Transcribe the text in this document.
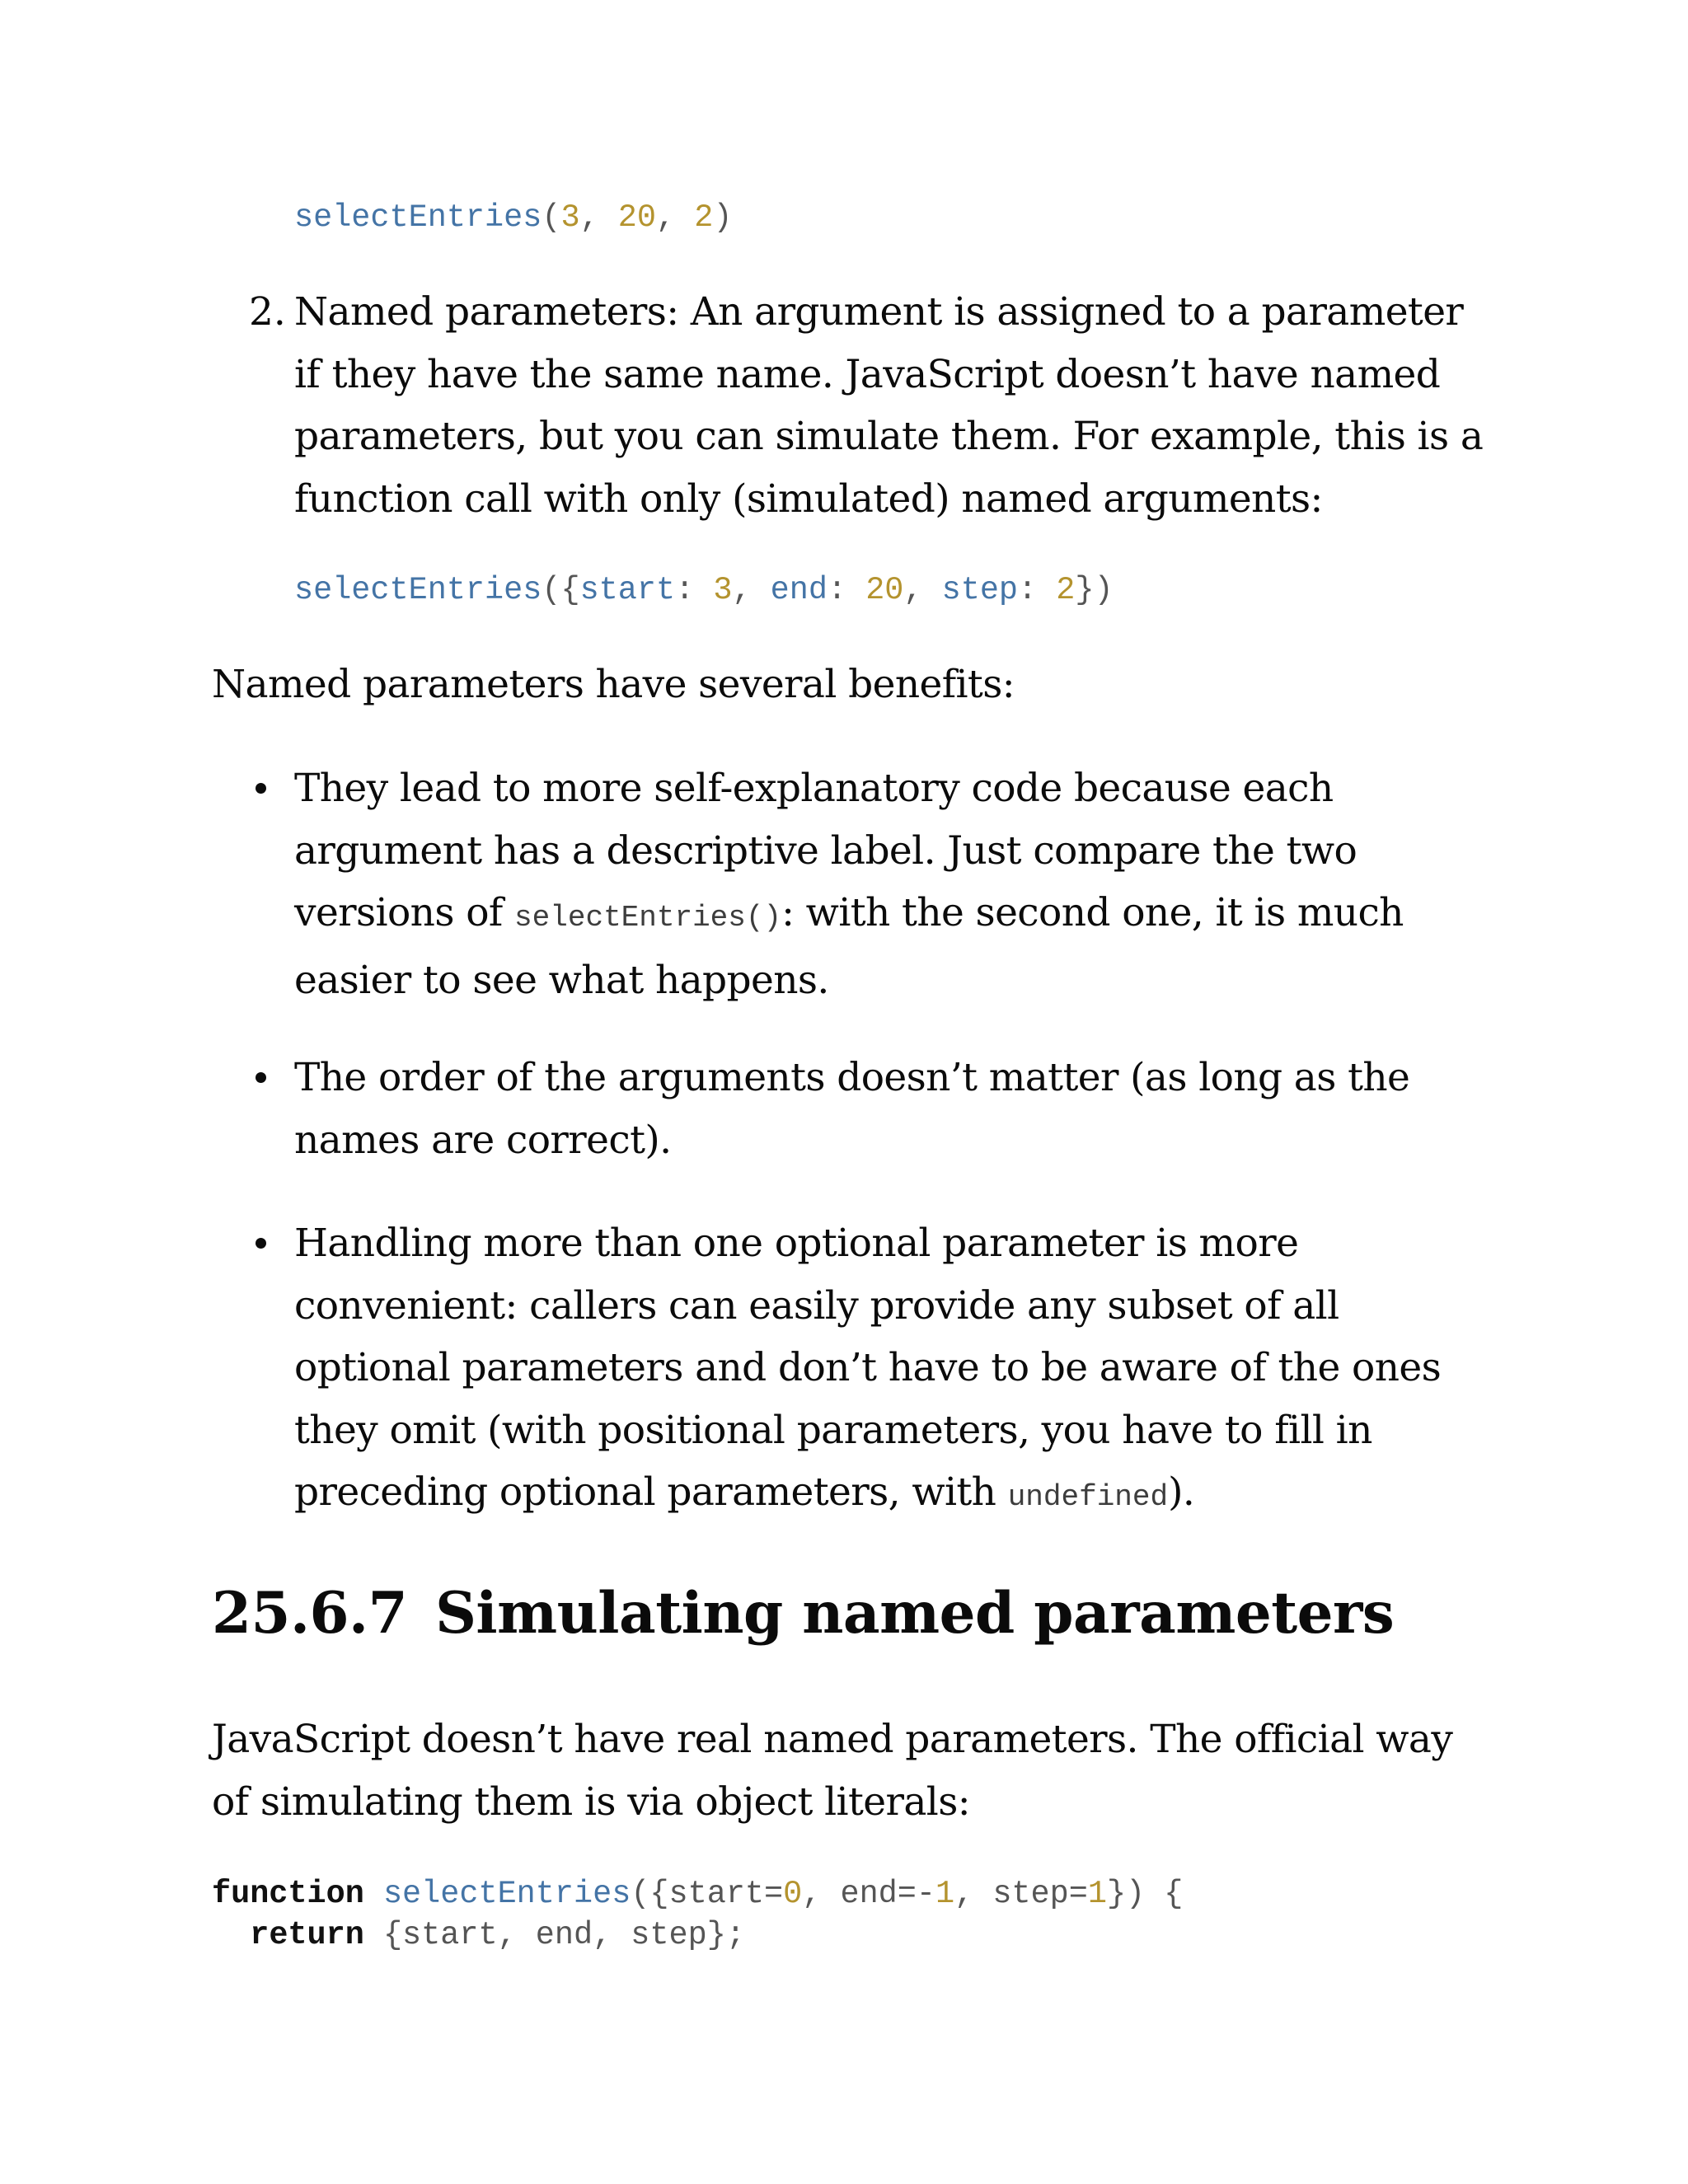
selectEntries(3, 20, 2)
2. Named parameters: An argument is assigned to a parameter if they have the same name. JavaScript doesn’t have named parameters, but you can simulate them. For example, this is a function call with only (simulated) named arguments:

selectEntries({start: 3, end: 20, step: 2})

Named parameters have several benefits:

They lead to more self-explanatory code because each argument has a descriptive label. Just compare the two versions of selectEntries(): with the second one, it is much easier to see what happens.

The order of the arguments doesn’t matter (as long as the names are correct).

Handling more than one optional parameter is more convenient: callers can easily provide any subset of all optional parameters and don’t have to be aware of the ones they omit (with positional parameters, you have to fill in preceding optional parameters, with undefined).

25.6.7 Simulating named parameters

JavaScript doesn’t have real named parameters. The official way of simulating them is via object literals:

function selectEntries({start=0, end=-1, step=1}) {
return {start, end, step};
